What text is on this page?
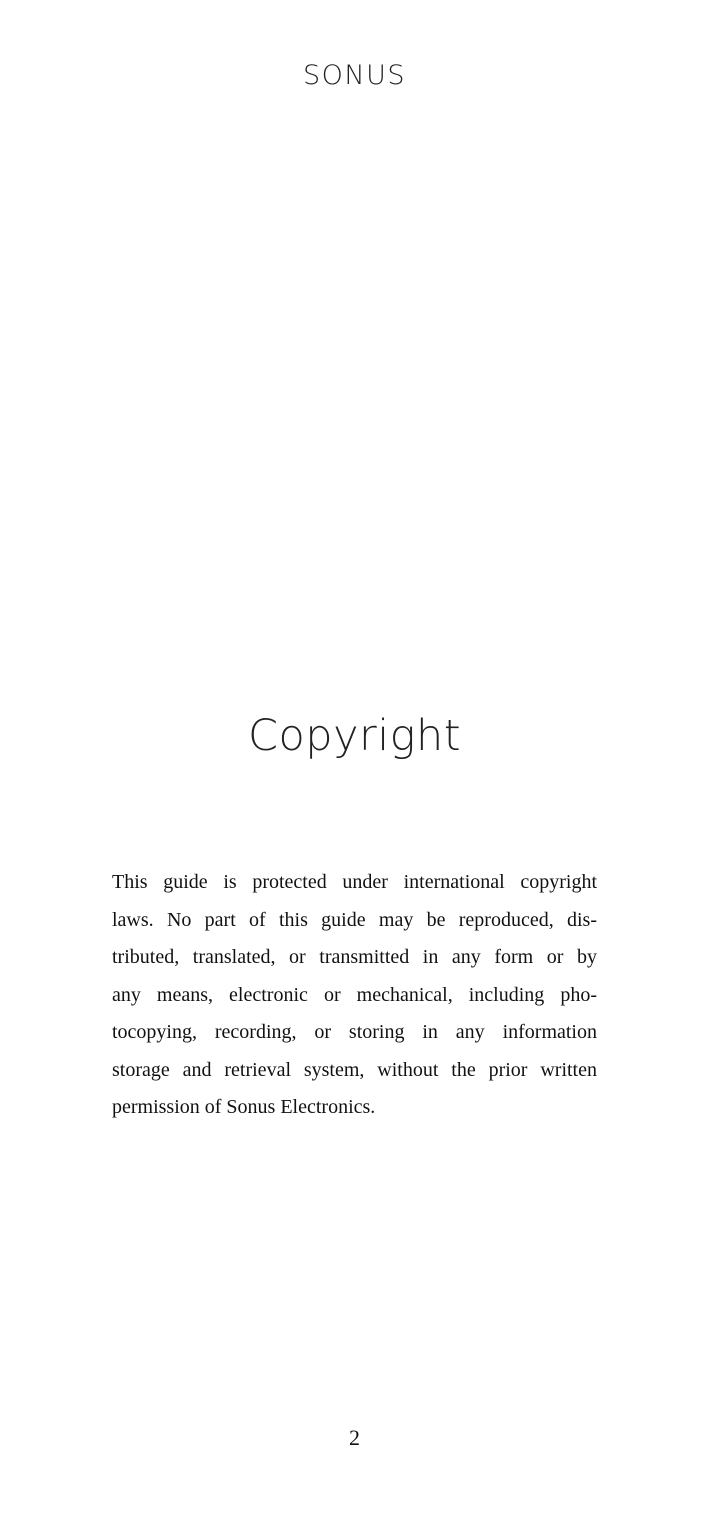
SONUS
Copyright
This guide is protected under international copyright
laws. No part of this guide may be reproduced, dis-
tributed, translated, or transmitted in any form or by
any means, electronic or mechanical, including pho-
tocopying, recording, or storing in any information
storage and retrieval system, without the prior written
permission of Sonus Electronics.
2
